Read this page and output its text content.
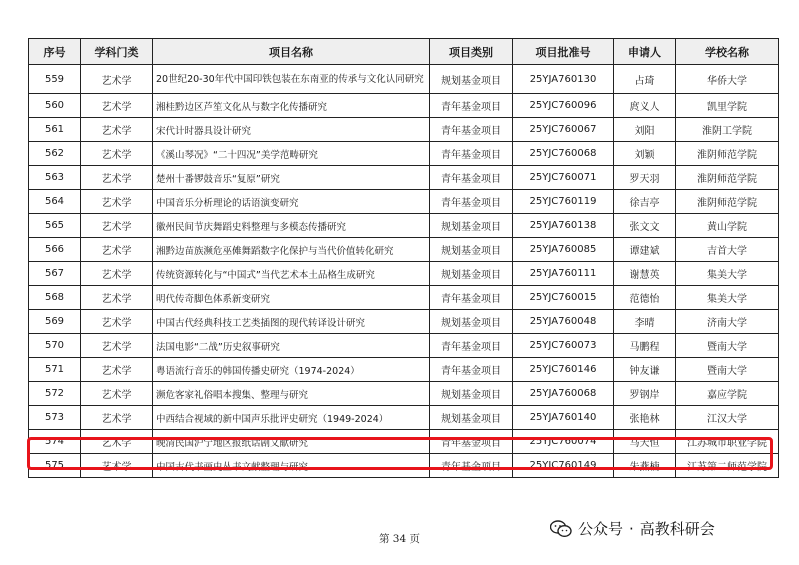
序号	学科门类	项目名称	项目类别	项目批准号	申请人	学校名称
559	艺术学	20世纪20-30年代中国印铁包装在东南亚的传承与文化认同研究	规划基金项目	25YJA760130	占琦	华侨大学
560	艺术学	湘桂黔边区芦笙文化从与数字化传播研究	青年基金项目	25YJC760096	庹义人	凯里学院
561	艺术学	宋代计时器具设计研究	青年基金项目	25YJC760067	刘阳	淮阴工学院
562	艺术学	《溪山琴况》“二十四况”美学范畴研究	青年基金项目	25YJC760068	刘颖	淮阴师范学院
563	艺术学	楚州十番锣鼓音乐“复原”研究	青年基金项目	25YJC760071	罗天羽	淮阴师范学院
564	艺术学	中国音乐分析理论的话语演变研究	青年基金项目	25YJC760119	徐吉亭	淮阴师范学院
565	艺术学	徽州民间节庆舞蹈史料整理与多模态传播研究	规划基金项目	25YJA760138	张文文	黄山学院
566	艺术学	湘黔边苗族濒危巫傩舞蹈数字化保护与当代价值转化研究	规划基金项目	25YJA760085	谭建斌	吉首大学
567	艺术学	传统资源转化与“中国式”当代艺术本土品格生成研究	规划基金项目	25YJA760111	谢慧英	集美大学
568	艺术学	明代传奇脚色体系新变研究	青年基金项目	25YJC760015	范德怡	集美大学
569	艺术学	中国古代经典科技工艺类插图的现代转译设计研究	规划基金项目	25YJA760048	李晴	济南大学
570	艺术学	法国电影“二战”历史叙事研究	青年基金项目	25YJC760073	马鹏程	暨南大学
571	艺术学	粤语流行音乐的韩国传播史研究（1974-2024）	青年基金项目	25YJC760146	钟友谦	暨南大学
572	艺术学	濒危客家礼俗唱本搜集、整理与研究	规划基金项目	25YJA760068	罗钢岸	嘉应学院
573	艺术学	中西结合视域的新中国声乐批评史研究（1949-2024）	规划基金项目	25YJA760140	张艳林	江汉大学
574	艺术学	晚清民国沪宁地区报纸话剧文献研究	青年基金项目	25YJC760074	马天恒	江苏城市职业学院
575	艺术学	中国古代书画史丛书文献整理与研究	青年基金项目	25YJC760149	朱燕楠	江苏第二师范学院
第 34 页
公众号 · 高教科研会
